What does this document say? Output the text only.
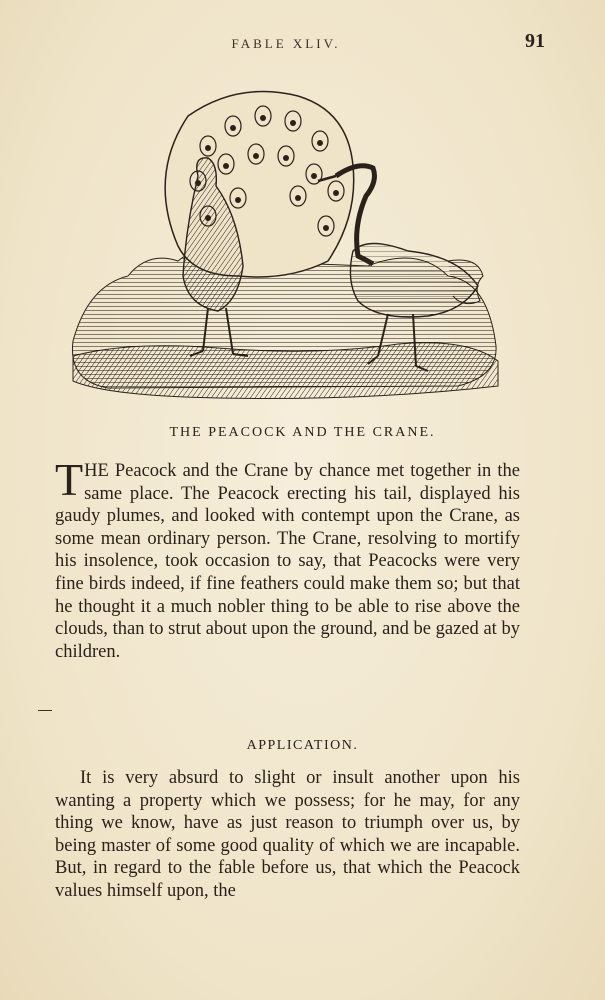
FABLE XLIV.	91
THE PEACOCK AND THE CRANE.
THE Peacock and the Crane by chance met together in the same place. The Peacock erecting his tail, displayed his gaudy plumes, and looked with contempt upon the Crane, as some mean ordinary person. The Crane, resolving to mortify his insolence, took occasion to say, that Peacocks were very fine birds indeed, if fine feathers could make them so; but that he thought it a much nobler thing to be able to rise above the clouds, than to strut about upon the ground, and be gazed at by children.
APPLICATION.
It is very absurd to slight or insult another upon his wanting a property which we possess; for he may, for any thing we know, have as just reason to triumph over us, by being master of some good quality of which we are incapable. But, in regard to the fable before us, that which the Peacock values himself upon, the
